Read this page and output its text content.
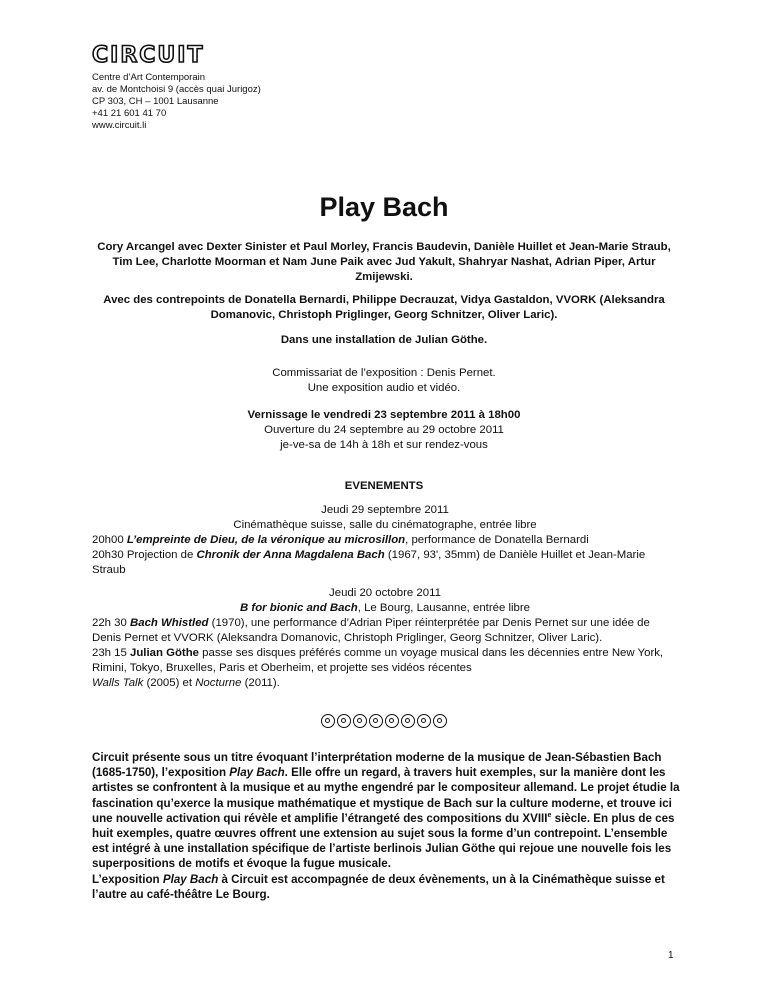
CIRCUIT
Centre d’Art Contemporain
av. de Montchoisi 9 (accès quai Jurigoz)
CP 303, CH – 1001 Lausanne
+41 21 601 41 70
www.circuit.li
Play Bach
Cory Arcangel avec Dexter Sinister et Paul Morley, Francis Baudevin, Danièle Huillet et Jean-Marie Straub, Tim Lee, Charlotte Moorman et Nam June Paik avec Jud Yakult, Shahryar Nashat, Adrian Piper, Artur Zmijewski.
Avec des contrepoints de Donatella Bernardi, Philippe Decrauzat, Vidya Gastaldon, VVORK (Aleksandra Domanovic, Christoph Priglinger, Georg Schnitzer, Oliver Laric).
Dans une installation de Julian Göthe.
Commissariat de l’exposition : Denis Pernet.
Une exposition audio et vidéo.
Vernissage le vendredi 23 septembre 2011 à 18h00
Ouverture du 24 septembre au 29 octobre 2011
je-ve-sa de 14h à 18h et sur rendez-vous
EVENEMENTS
Jeudi 29 septembre 2011
Cinémathèque suisse, salle du cinématographe, entrée libre
20h00 L’empreinte de Dieu, de la véronique au microsillon, performance de Donatella Bernardi
20h30 Projection de Chronik der Anna Magdalena Bach (1967, 93', 35mm) de Danièle Huillet et Jean-Marie Straub
Jeudi 20 octobre 2011
B for bionic and Bach, Le Bourg, Lausanne, entrée libre
22h 30 Bach Whistled (1970), une performance d’Adrian Piper réinterprétée par Denis Pernet sur une idée de Denis Pernet et VVORK (Aleksandra Domanovic, Christoph Priglinger, Georg Schnitzer, Oliver Laric).
23h 15 Julian Göthe passe ses disques préférés comme un voyage musical dans les décennies entre New York, Rimini, Tokyo, Bruxelles, Paris et Oberheim, et projette ses vidéos récentes
Walls Talk (2005) et Nocturne (2011).
Circuit présente sous un titre évoquant l’interprétation moderne de la musique de Jean-Sébastien Bach (1685-1750), l’exposition Play Bach. Elle offre un regard, à travers huit exemples, sur la manière dont les artistes se confrontent à la musique et au mythe engendré par le compositeur allemand. Le projet étudie la fascination qu’exerce la musique mathématique et mystique de Bach sur la culture moderne, et trouve ici une nouvelle activation qui révèle et amplifie l’étrangeté des compositions du XVIIIe siècle. En plus de ces huit exemples, quatre œuvres offrent une extension au sujet sous la forme d’un contrepoint. L’ensemble est intégré à une installation spécifique de l’artiste berlinois Julian Göthe qui rejoue une nouvelle fois les superpositions de motifs et évoque la fugue musicale.
L’exposition Play Bach à Circuit est accompagnée de deux évènements, un à la Cinémathèque suisse et l’autre au café-théâtre Le Bourg.
1
